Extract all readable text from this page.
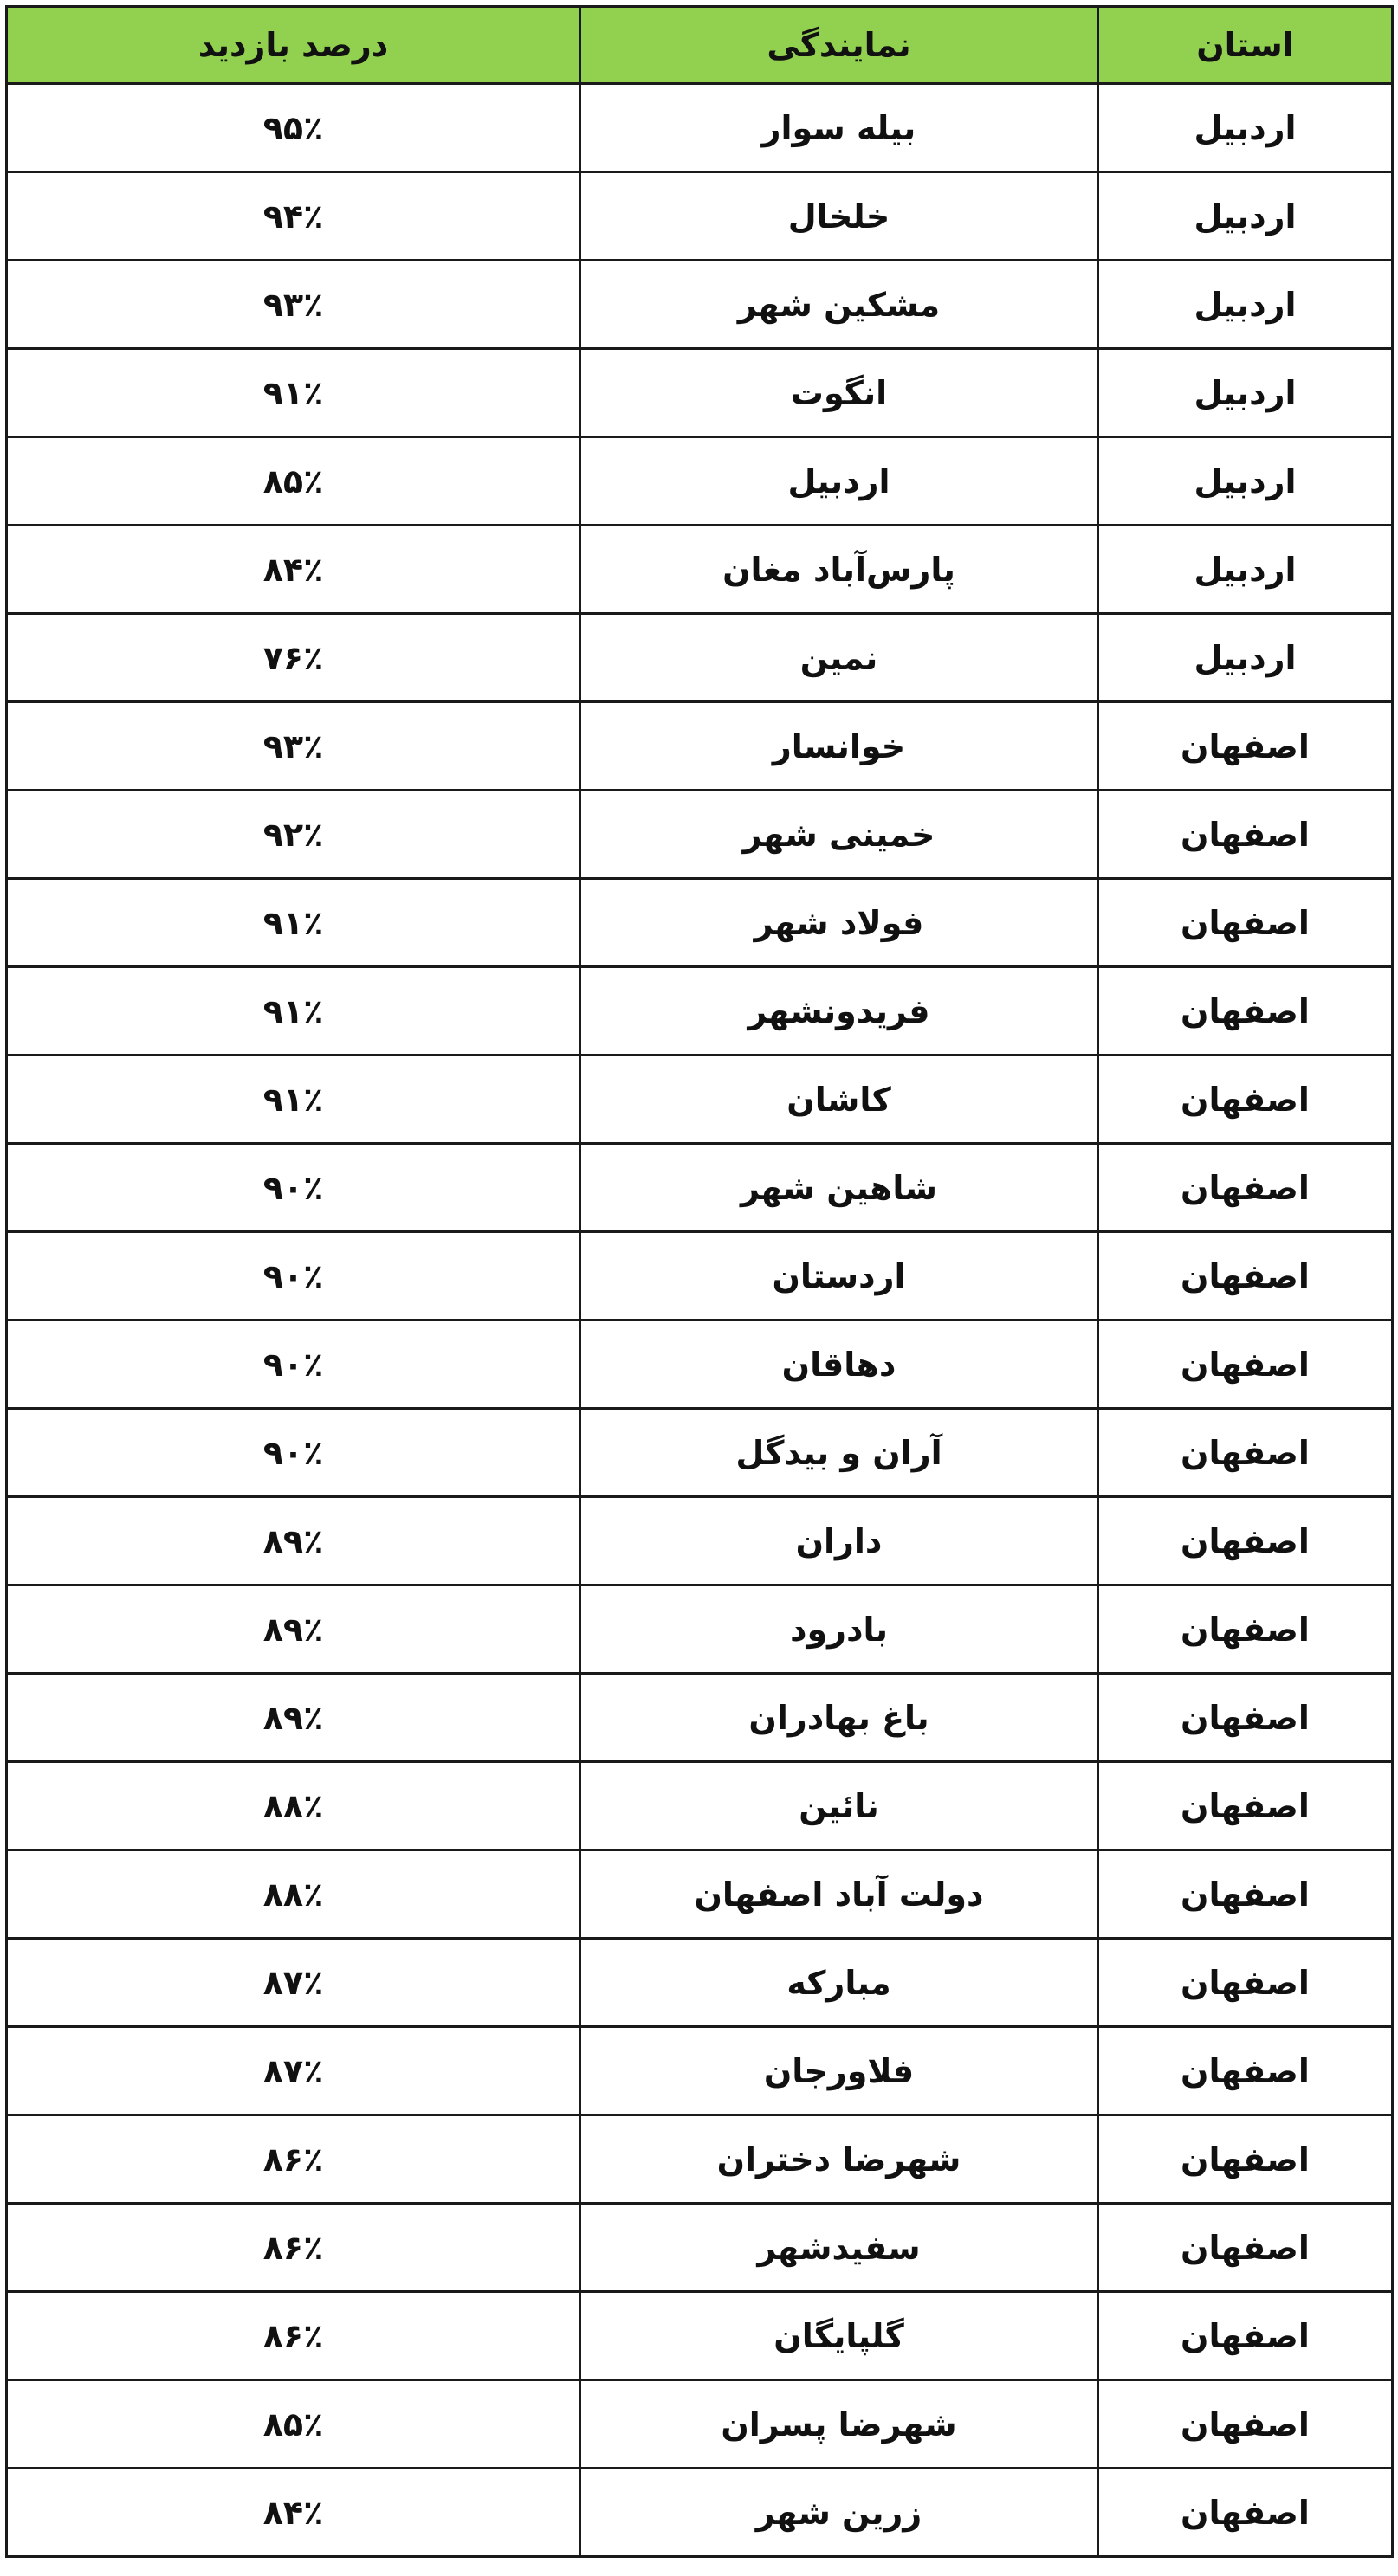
استان	نمایندگی	درصد بازدید
اردبیل	بیله سوار	۹۵٪
اردبیل	خلخال	۹۴٪
اردبیل	مشکین شهر	۹۳٪
اردبیل	انگوت	۹۱٪
اردبیل	اردبیل	۸۵٪
اردبیل	پارس‌آباد مغان	۸۴٪
اردبیل	نمین	۷۶٪
اصفهان	خوانسار	۹۳٪
اصفهان	خمینی شهر	۹۲٪
اصفهان	فولاد شهر	۹۱٪
اصفهان	فریدونشهر	۹۱٪
اصفهان	کاشان	۹۱٪
اصفهان	شاهین شهر	۹۰٪
اصفهان	اردستان	۹۰٪
اصفهان	دهاقان	۹۰٪
اصفهان	آران و بیدگل	۹۰٪
اصفهان	داران	۸۹٪
اصفهان	بادرود	۸۹٪
اصفهان	باغ بهادران	۸۹٪
اصفهان	نائین	۸۸٪
اصفهان	دولت آباد اصفهان	۸۸٪
اصفهان	مبارکه	۸۷٪
اصفهان	فلاورجان	۸۷٪
اصفهان	شهرضا دختران	۸۶٪
اصفهان	سفیدشهر	۸۶٪
اصفهان	گلپایگان	۸۶٪
اصفهان	شهرضا پسران	۸۵٪
اصفهان	زرین شهر	۸۴٪
